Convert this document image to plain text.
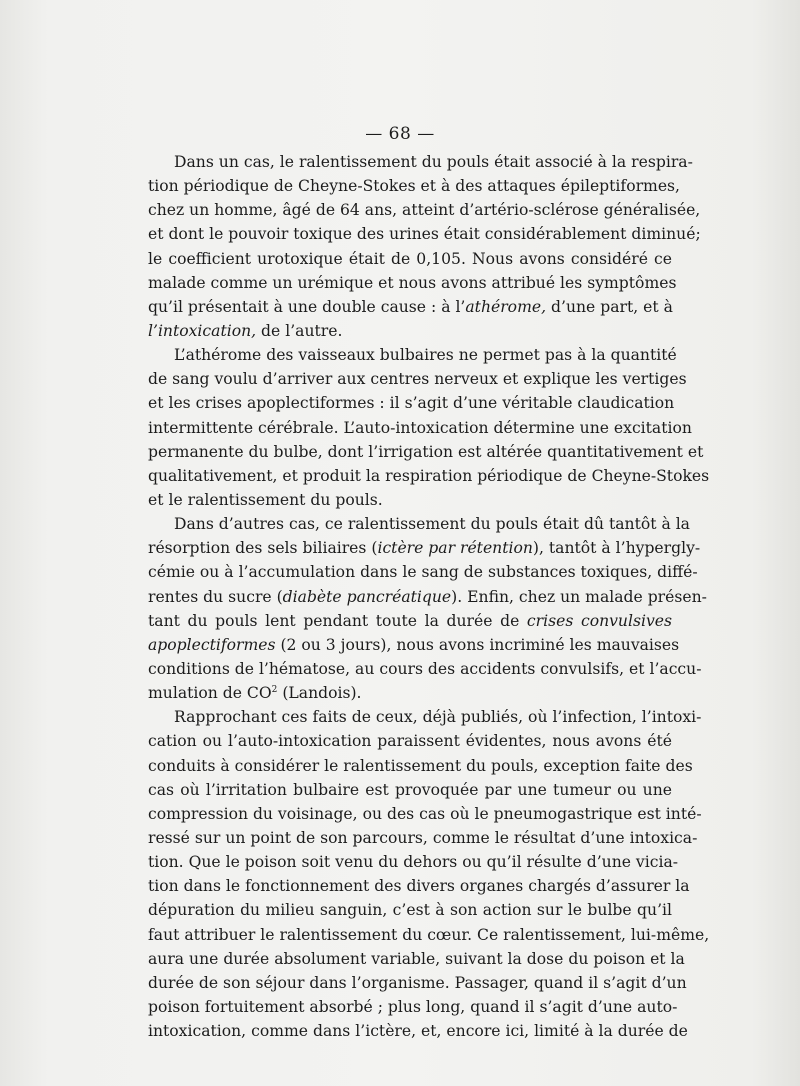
— 68 —
Dans un cas, le ralentissement du pouls était associé à la respira-
tion périodique de Cheyne-Stokes et à des attaques épileptiformes,
chez un homme, âgé de 64 ans, atteint d’artério-sclérose généralisée,
et dont le pouvoir toxique des urines était considérablement diminué;
le coefficient urotoxique était de 0,105. Nous avons considéré ce
malade comme un urémique et nous avons attribué les symptômes
qu’il présentait à une double cause : à l’athérome, d’une part, et à
l’intoxication, de l’autre.
L’athérome des vaisseaux bulbaires ne permet pas à la quantité
de sang voulu d’arriver aux centres nerveux et explique les vertiges
et les crises apoplectiformes : il s’agit d’une véritable claudication
intermittente cérébrale. L’auto-intoxication détermine une excitation
permanente du bulbe, dont l’irrigation est altérée quantitativement et
qualitativement, et produit la respiration périodique de Cheyne-Stokes
et le ralentissement du pouls.
Dans d’autres cas, ce ralentissement du pouls était dû tantôt à la
résorption des sels biliaires (ictère par rétention), tantôt à l’hypergly-
cémie ou à l’accumulation dans le sang de substances toxiques, diffé-
rentes du sucre (diabète pancréatique). Enfin, chez un malade présen-
tant du pouls lent pendant toute la durée de crises convulsives
apoplectiformes (2 ou 3 jours), nous avons incriminé les mauvaises
conditions de l’hématose, au cours des accidents convulsifs, et l’accu-
mulation de $CO^2$ (Landois).
Rapprochant ces faits de ceux, déjà publiés, où l’infection, l’intoxi-
cation ou l’auto-intoxication paraissent évidentes, nous avons été
conduits à considérer le ralentissement du pouls, exception faite des
cas où l’irritation bulbaire est provoquée par une tumeur ou une
compression du voisinage, ou des cas où le pneumogastrique est inté-
ressé sur un point de son parcours, comme le résultat d’une intoxica-
tion. Que le poison soit venu du dehors ou qu’il résulte d’une vicia-
tion dans le fonctionnement des divers organes chargés d’assurer la
dépuration du milieu sanguin, c’est à son action sur le bulbe qu’il
faut attribuer le ralentissement du cœur. Ce ralentissement, lui-même,
aura une durée absolument variable, suivant la dose du poison et la
durée de son séjour dans l’organisme. Passager, quand il s’agit d’un
poison fortuitement absorbé ; plus long, quand il s’agit d’une auto-
intoxication, comme dans l’ictère, et, encore ici, limité à la durée de
